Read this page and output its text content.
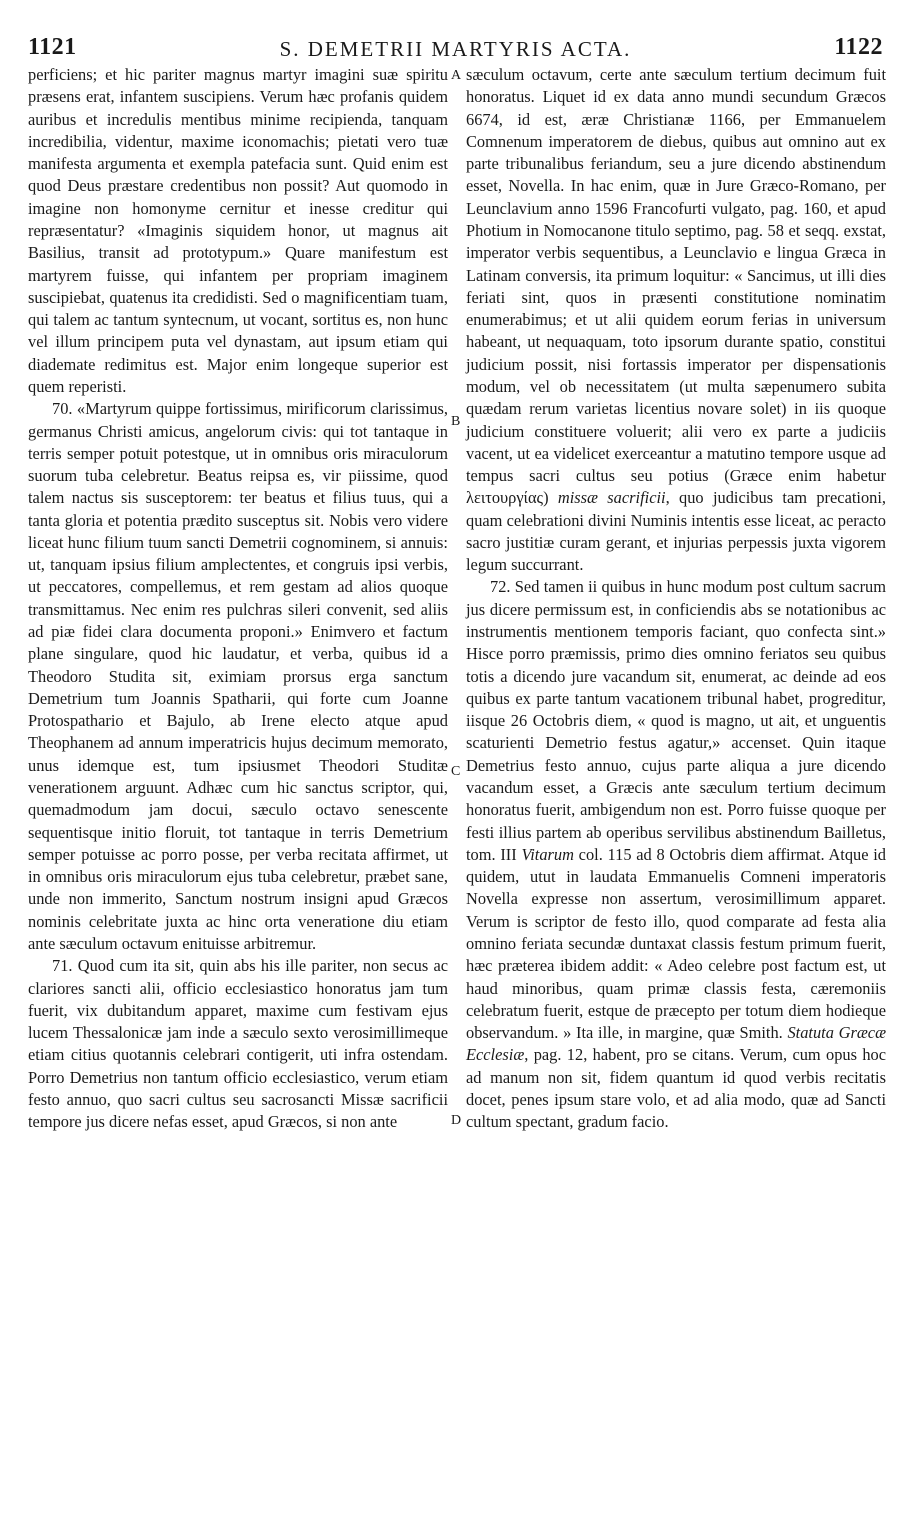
1121	S. DEMETRII MARTYRIS ACTA.	1122
A
B
C
D

perficiens; et hic pariter magnus martyr imagini suæ spiritu præsens erat, infantem suscipiens. Verum hæc profanis quidem auribus et incredulis mentibus minime recipienda, tanquam incredibilia, videntur, maxime iconomachis; pietati vero tuæ manifesta argumenta et exempla patefacia sunt. Quid enim est quod Deus præstare credentibus non possit? Aut quomodo in imagine non homonyme cernitur et inesse creditur qui repræsentatur? «Imaginis siquidem honor, ut magnus ait Basilius, transit ad prototypum.» Quare manifestum est martyrem fuisse, qui infantem per propriam imaginem suscipiebat, quatenus ita credidisti. Sed o magnificentiam tuam, qui talem ac tantum syntecnum, ut vocant, sortitus es, non hunc vel illum principem puta vel dynastam, aut ipsum etiam qui diademate redimitus est. Major enim longeque superior est quem reperisti.

70. «Martyrum quippe fortissimus, mirificorum clarissimus, germanus Christi amicus, angelorum civis: qui tot tantaque in terris semper potuit potestque, ut in omnibus oris miraculorum suorum tuba celebretur. Beatus reipsa es, vir piissime, quod talem nactus sis susceptorem: ter beatus et filius tuus, qui a tanta gloria et potentia prædito susceptus sit. Nobis vero videre liceat hunc filium tuum sancti Demetrii cognominem, si annuis: ut, tanquam ipsius filium amplectentes, et congruis ipsi verbis, ut peccatores, compellemus, et rem gestam ad alios quoque transmittamus. Nec enim res pulchras sileri convenit, sed aliis ad piæ fidei clara documenta proponi.» Enimvero et factum plane singulare, quod hic laudatur, et verba, quibus id a Theodoro Studita sit, eximiam prorsus erga sanctum Demetrium tum Joannis Spatharii, qui forte cum Joanne Protospathario et Bajulo, ab Irene electo atque apud Theophanem ad annum imperatricis hujus decimum memorato, unus idemque est, tum ipsiusmet Theodori Studitæ venerationem arguunt. Adhæc cum hic sanctus scriptor, qui, quemadmodum jam docui, sæculo octavo senescente sequentisque initio floruit, tot tantaque in terris Demetrium semper potuisse ac porro posse, per verba recitata affirmet, ut in omnibus oris miraculorum ejus tuba celebretur, præbet sane, unde non immerito, Sanctum nostrum insigni apud Græcos nominis celebritate juxta ac hinc orta venerationе diu etiam ante sæculum octavum enituisse arbitremur.

71. Quod cum ita sit, quin abs his ille pariter, non secus ac clariores sancti alii, officio ecclesiastico honoratus jam tum fuerit, vix dubitandum apparet, maxime cum festivam ejus lucem Thessalonicæ jam inde a sæculo sexto verosimillimeque etiam citius quotannis celebrari contigerit, uti infra ostendam. Porro Demetrius non tantum officio ecclesiastico, verum etiam festo annuo, quo sacri cultus seu sacrosancti Missæ sacrificii tempore jus dicere nefas esset, apud Græcos, si non ante

sæculum octavum, certe ante sæculum tertium decimum fuit honoratus. Liquet id ex data anno mundi secundum Græcos 6674, id est, æræ Christianæ 1166, per Emmanuelem Comnenum imperatorem de diebus, quibus aut omnino aut ex parte tribunalibus feriandum, seu a jure dicendo abstinendum esset, Novella. In hac enim, quæ in Jure Græco-Romano, per Leunclavium anno 1596 Francofurti vulgato, pag. 160, et apud Photium in Nomocanone titulo septimo, pag. 58 et seqq. exstat, imperator verbis sequentibus, a Leunclavio e lingua Græca in Latinam conversis, ita primum loquitur: « Sancimus, ut illi dies feriati sint, quos in præsenti constitutione nominatim enumerabimus; et ut alii quidem eorum ferias in universum habeant, ut nequaquam, toto ipsorum durante spatio, constitui judicium possit, nisi fortassis imperator per dispensationis modum, vel ob necessitatem (ut multa sæpenumero subita quædam rerum varietas licentius novare solet) in iis quoque judicium constituere voluerit; alii vero ex parte a judiciis vacent, ut ea videlicet exerceantur a matutino tempore usque ad tempus sacri cultus seu potius (Græce enim habetur λειτουργίας) missæ sacrificii, quo judicibus tam precationi, quam celebrationi divini Numinis intentis esse liceat, ac peracto sacro justitiæ curam gerant, et injurias perpessis juxta vigorem legum succurrant.

72. Sed tamen ii quibus in hunc modum post cultum sacrum jus dicere permissum est, in conficiendis abs se notationibus ac instrumentis mentionem temporis faciant, quo confecta sint.» Hisce porro præmissis, primo dies omnino feriatos seu quibus totis a dicendo jure vacandum sit, enumerat, ac deinde ad eos quibus ex parte tantum vacationem tribunal habet, progreditur, iisque 26 Octobris diem, « quod is magno, ut ait, et unguentis scaturienti Demetrio festus agatur,» accenset. Quin itaque Demetrius festo annuo, cujus parte aliqua a jure dicendo vacandum esset, a Græcis ante sæculum tertium decimum honoratus fuerit, ambigendum non est. Porro fuisse quoque per festi illius partem ab operibus servilibus abstinendum Bailletus, tom. III Vitarum col. 115 ad 8 Octobris diem affirmat. Atque id quidem, utut in laudata Emmanuelis Comneni imperatoris Novella expresse non assertum, verosimillimum apparet. Verum is scriptor de festo illo, quod comparate ad festa alia omnino feriata secundæ duntaxat classis festum primum fuerit, hæc præterea ibidem addit: « Adeo celebre post factum est, ut haud minoribus, quam primæ classis festa, cæremoniis celebratum fuerit, estque de præcepto per totum diem hodieque observandum. » Ita ille, in margine, quæ Smith. Statuta Græcæ Ecclesiæ, pag. 12, habent, pro se citans. Verum, cum opus hoc ad manum non sit, fidem quantum id quod verbis recitatis docet, penes ipsum stare volo, et ad alia modo, quæ ad Sancti cultum spectant, gradum facio.
